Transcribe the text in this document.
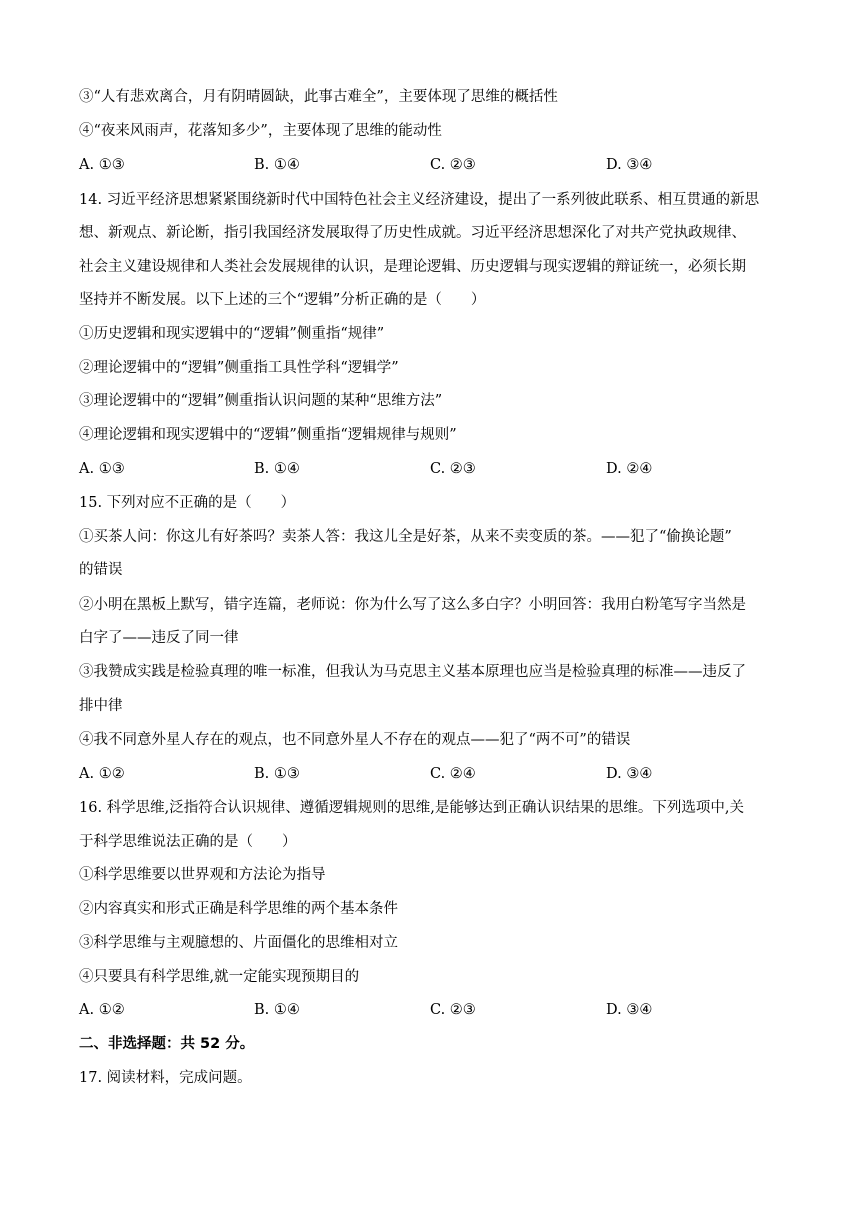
③“人有悲欢离合，月有阴晴圆缺，此事古难全”，主要体现了思维的概括性
④“夜来风雨声，花落知多少”，主要体现了思维的能动性
A. ①③	B. ①④	C. ②③	D. ③④
14. 习近平经济思想紧紧围绕新时代中国特色社会主义经济建设，提出了一系列彼此联系、相互贯通的新思
想、新观点、新论断，指引我国经济发展取得了历史性成就。习近平经济思想深化了对共产党执政规律、
社会主义建设规律和人类社会发展规律的认识，是理论逻辑、历史逻辑与现实逻辑的辩证统一，必须长期
坚持并不断发展。以下上述的三个“逻辑”分析正确的是（　　）
①历史逻辑和现实逻辑中的“逻辑”侧重指“规律”
②理论逻辑中的“逻辑”侧重指工具性学科“逻辑学”
③理论逻辑中的“逻辑”侧重指认识问题的某种“思维方法”
④理论逻辑和现实逻辑中的“逻辑”侧重指“逻辑规律与规则”
A. ①③	B. ①④	C. ②③	D. ②④
15. 下列对应不正确的是（　　）
①买茶人问：你这儿有好茶吗？卖茶人答：我这儿全是好茶，从来不卖变质的茶。——犯了“偷换论题”
的错误
②小明在黑板上默写，错字连篇，老师说：你为什么写了这么多白字？小明回答：我用白粉笔写字当然是
白字了——违反了同一律
③我赞成实践是检验真理的唯一标准，但我认为马克思主义基本原理也应当是检验真理的标准——违反了
排中律
④我不同意外星人存在的观点，也不同意外星人不存在的观点——犯了“两不可”的错误
A. ①②	B. ①③	C. ②④	D. ③④
16. 科学思维,泛指符合认识规律、遵循逻辑规则的思维,是能够达到正确认识结果的思维。下列选项中,关
于科学思维说法正确的是（　　）
①科学思维要以世界观和方法论为指导
②内容真实和形式正确是科学思维的两个基本条件
③科学思维与主观臆想的、片面僵化的思维相对立
④只要具有科学思维,就一定能实现预期目的
A. ①②	B. ①④	C. ②③	D. ③④
二、非选择题：共 52 分。
17. 阅读材料，完成问题。
